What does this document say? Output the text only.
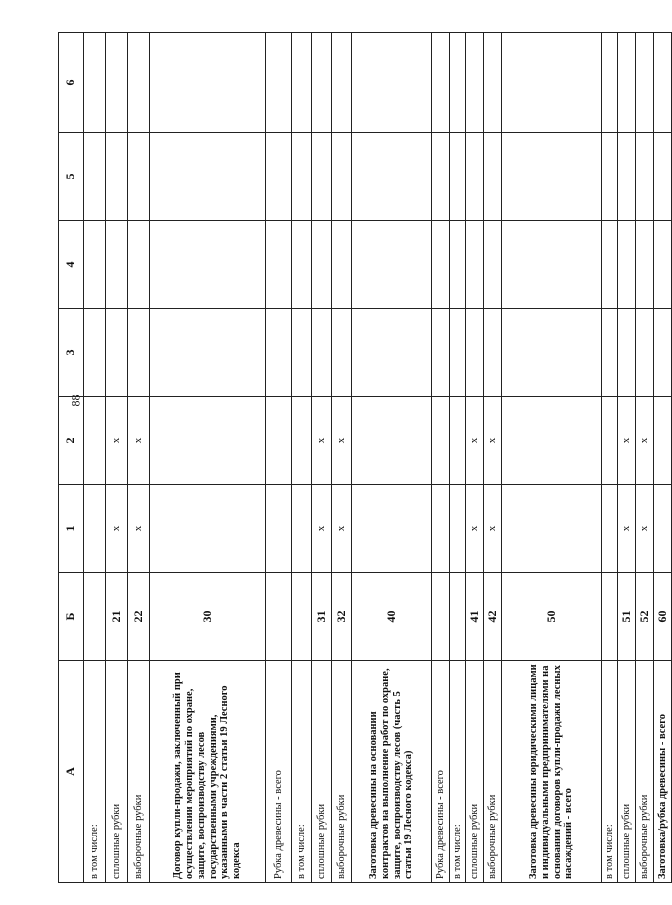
88
А	Б	1	2	3	4	5	6
в том числе:							
сплошные рубки	21	х	х				
выборочные рубки	22	х	х				
Договор купли-продажи, заключенный при осуществлении мероприятий по охране, защите, воспроизводству лесов государственными учреждениями, указанными в части 2 статьи 19 Лесного кодекса	30						
Рубка древесины - всего							
в том числе:							
сплошные рубки	31	х	х				
выборочные рубки	32	х	х				
Заготовка древесины на основании контрактов на выполнение работ по охране, защите, воспроизводству лесов (часть 5 статьи 19 Лесного кодекса)	40						
Рубка древесины - всего							
в том числе:							
сплошные рубки	41	х	х				
выборочные рубки	42	х	х				
Заготовка древесины юридическими лицами и индивидуальными предпринимателями на основании договоров купли-продажи лесных насаждений - всего	50						
в том числе:							
сплошные рубки	51	х	х				
выборочные рубки	52	х	х				
Заготовка/рубка древесины - всего	60						
